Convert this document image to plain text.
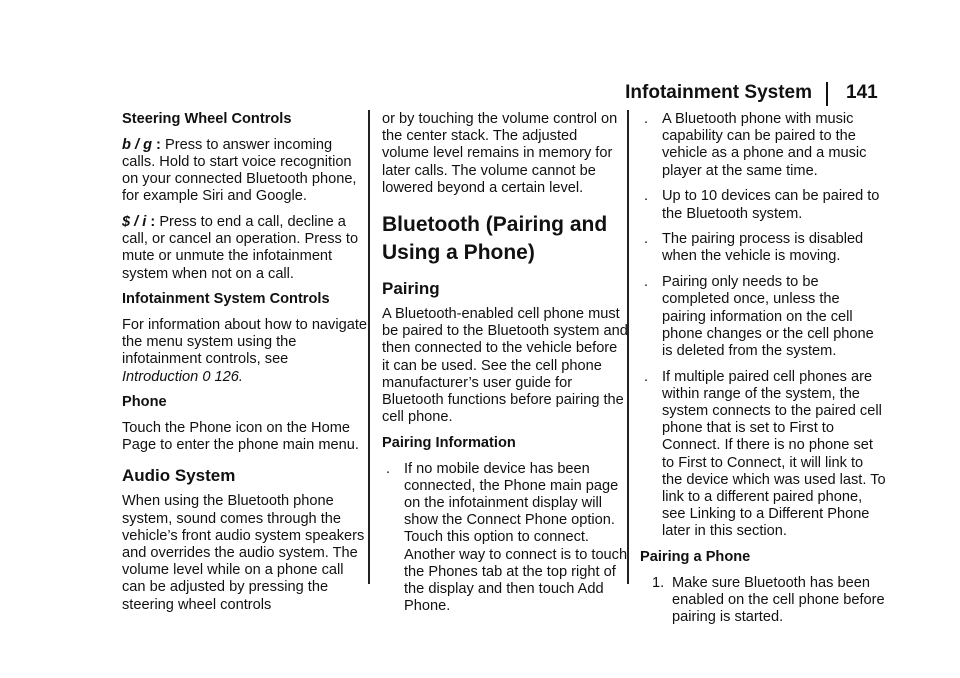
Infotainment System 141
Steering Wheel Controls

b / g : Press to answer incoming calls. Hold to start voice recognition on your connected Bluetooth phone, for example Siri and Google.

$ / i : Press to end a call, decline a call, or cancel an operation. Press to mute or unmute the infotainment system when not on a call.

Infotainment System Controls

For information about how to navigate the menu system using the infotainment controls, see Introduction 0 126.

Phone

Touch the Phone icon on the Home Page to enter the phone main menu.

Audio System

When using the Bluetooth phone system, sound comes through the vehicle’s front audio system speakers and overrides the audio system. The volume level while on a phone call can be adjusted by pressing the steering wheel controls

or by touching the volume control on the center stack. The adjusted volume level remains in memory for later calls. The volume cannot be lowered beyond a certain level.

Bluetooth (Pairing and Using a Phone)
Pairing

A Bluetooth-enabled cell phone must be paired to the Bluetooth system and then connected to the vehicle before it can be used. See the cell phone manufacturer’s user guide for Bluetooth functions before pairing the cell phone.

Pairing Information
. If no mobile device has been connected, the Phone main page on the infotainment display will show the Connect Phone option. Touch this option to connect. Another way to connect is to touch the Phones tab at the top right of the display and then touch Add Phone.
. A Bluetooth phone with music capability can be paired to the vehicle as a phone and a music player at the same time.
. Up to 10 devices can be paired to the Bluetooth system.
. The pairing process is disabled when the vehicle is moving.
. Pairing only needs to be completed once, unless the pairing information on the cell phone changes or the cell phone is deleted from the system.
. If multiple paired cell phones are within range of the system, the system connects to the paired cell phone that is set to First to Connect. If there is no phone set to First to Connect, it will link to the device which was used last. To link to a different paired phone, see Linking to a Different Phone later in this section.
Pairing a Phone
1. Make sure Bluetooth has been enabled on the cell phone before pairing is started.
